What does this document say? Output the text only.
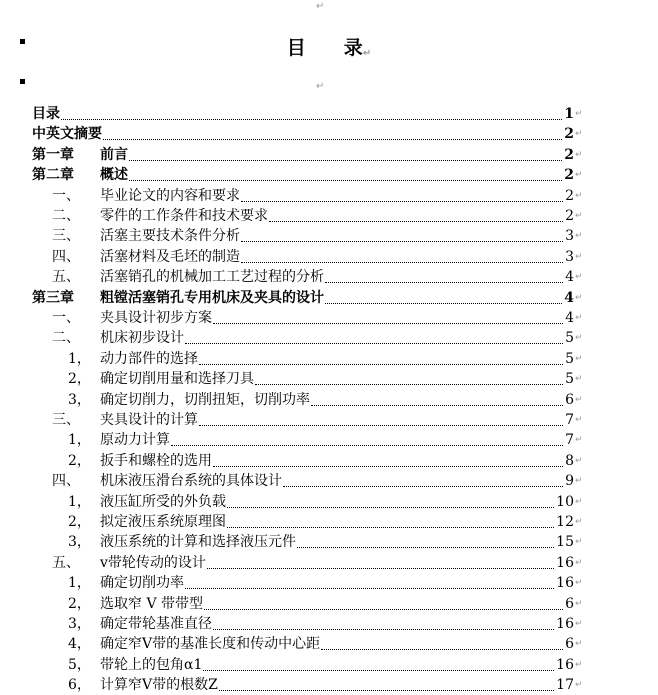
↵
目 录↵
↵
目录	1 ↵
中英文摘要	2 ↵
第一章 前言	2 ↵
第二章 概述	2 ↵
一、 毕业论文的内容和要求	2 ↵
二、 零件的工作条件和技术要求	2 ↵
三、 活塞主要技术条件分析	3 ↵
四、 活塞材料及毛坯的制造	3 ↵
五、 活塞销孔的机械加工工艺过程的分析	4 ↵
第三章 粗镗活塞销孔专用机床及夹具的设计	4 ↵
一、 夹具设计初步方案	4 ↵
二、 机床初步设计	5 ↵
1， 动力部件的选择	5 ↵
2， 确定切削用量和选择刀具	5 ↵
3， 确定切削力，切削扭矩，切削功率	6 ↵
三、 夹具设计的计算	7 ↵
1， 原动力计算	7 ↵
2， 扳手和螺栓的选用	8 ↵
四、 机床液压滑台系统的具体设计	9 ↵
1， 液压缸所受的外负载	10 ↵
2， 拟定液压系统原理图	12 ↵
3， 液压系统的计算和选择液压元件	15 ↵
五、 v带轮传动的设计	16 ↵
1， 确定切削功率	16 ↵
2， 选取窄 V 带带型	6 ↵
3， 确定带轮基准直径	16 ↵
4， 确定窄V带的基准长度和传动中心距	6 ↵
5， 带轮上的包角α1	16 ↵
6， 计算窄V带的根数Z	17 ↵
